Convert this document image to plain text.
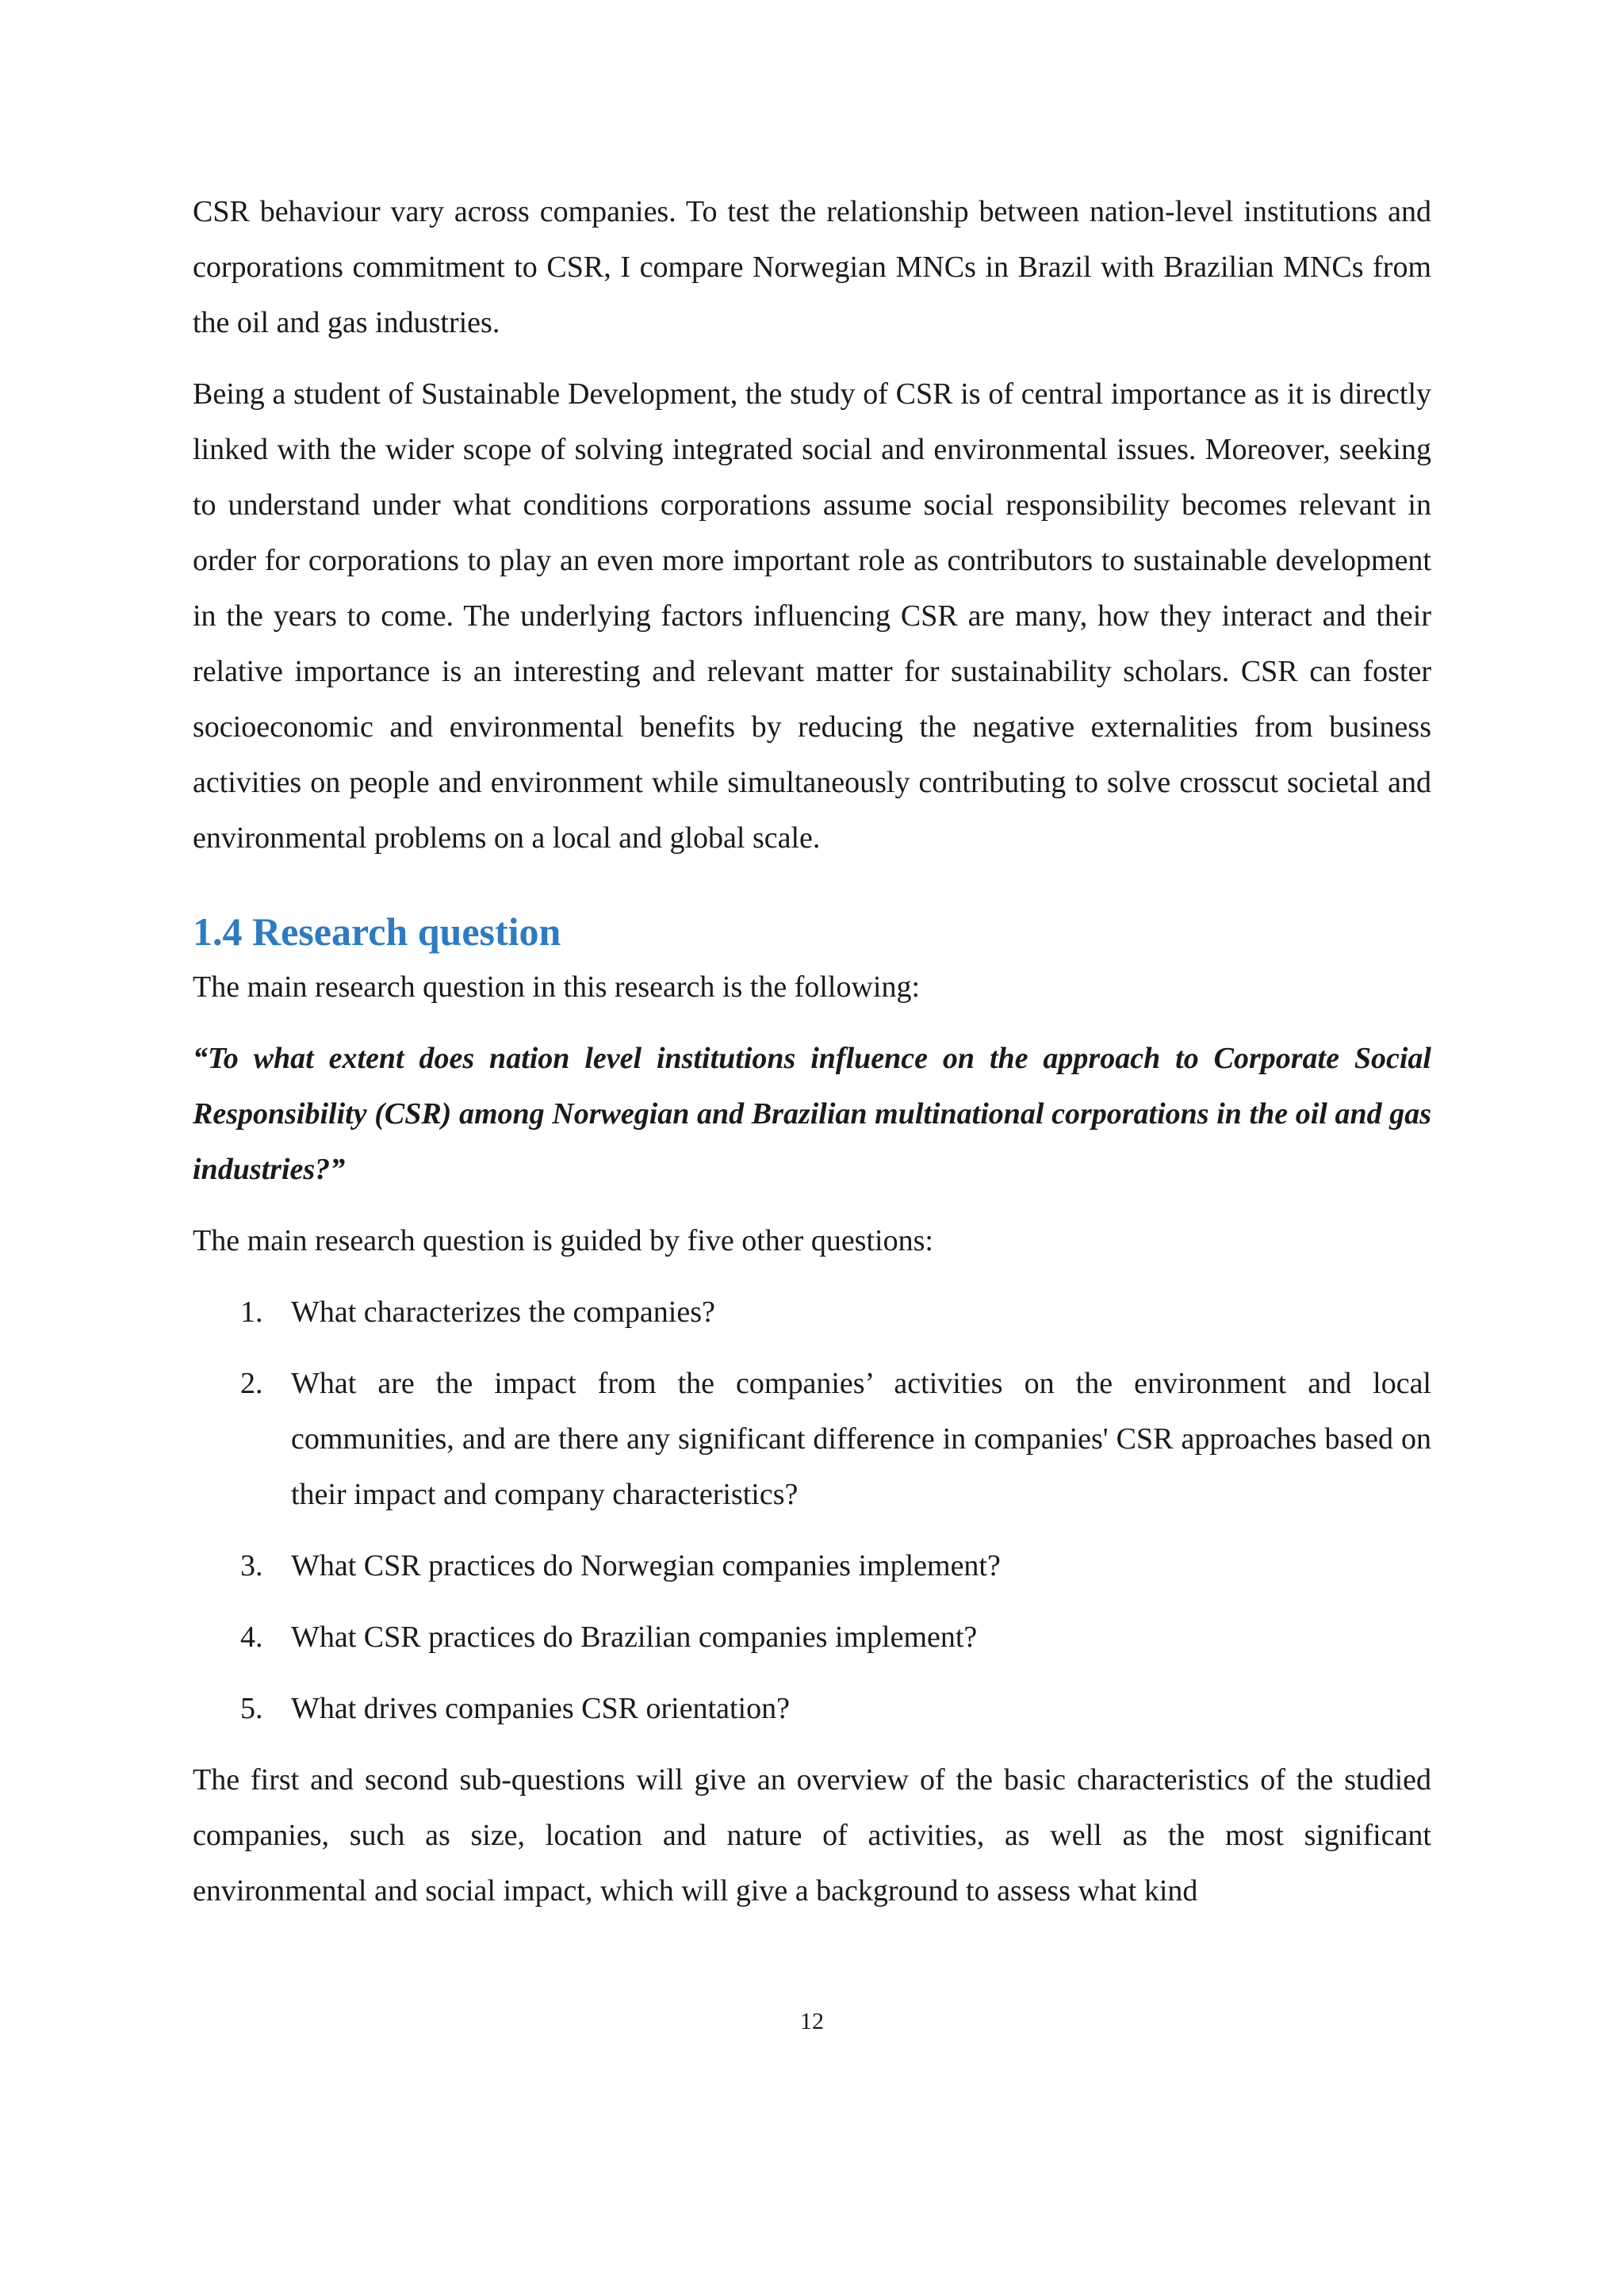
CSR behaviour vary across companies. To test the relationship between nation-level institutions and corporations commitment to CSR, I compare Norwegian MNCs in Brazil with Brazilian MNCs from the oil and gas industries.

Being a student of Sustainable Development, the study of CSR is of central importance as it is directly linked with the wider scope of solving integrated social and environmental issues. Moreover, seeking to understand under what conditions corporations assume social responsibility becomes relevant in order for corporations to play an even more important role as contributors to sustainable development in the years to come. The underlying factors influencing CSR are many, how they interact and their relative importance is an interesting and relevant matter for sustainability scholars. CSR can foster socioeconomic and environmental benefits by reducing the negative externalities from business activities on people and environment while simultaneously contributing to solve crosscut societal and environmental problems on a local and global scale.

1.4 Research question

The main research question in this research is the following:

“To what extent does nation level institutions influence on the approach to Corporate Social Responsibility (CSR) among Norwegian and Brazilian multinational corporations in the oil and gas industries?”

The main research question is guided by five other questions:

1. What characterizes the companies?
2. What are the impact from the companies’ activities on the environment and local communities, and are there any significant difference in companies' CSR approaches based on their impact and company characteristics?
3. What CSR practices do Norwegian companies implement?
4. What CSR practices do Brazilian companies implement?
5. What drives companies CSR orientation?

The first and second sub-questions will give an overview of the basic characteristics of the studied companies, such as size, location and nature of activities, as well as the most significant environmental and social impact, which will give a background to assess what kind

12
